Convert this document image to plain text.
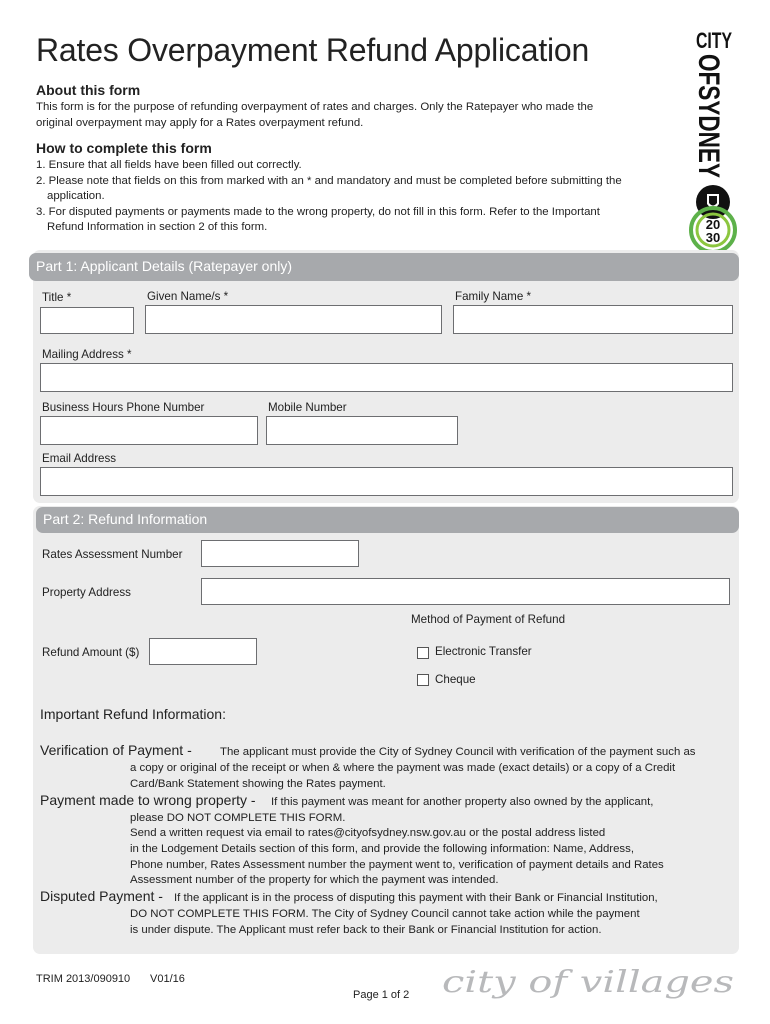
Rates Overpayment Refund Application
About this form
This form is for the purpose of refunding overpayment of rates and charges. Only the Ratepayer who made the
original overpayment may apply for a Rates overpayment refund.
How to complete this form
1. Ensure that all fields have been filled out correctly.
2. Please note that fields on this from marked with an * and mandatory and must be completed before submitting the
application.
3. For disputed payments or payments made to the wrong property, do not fill in this form. Refer to the Important
Refund Information in section 2 of this form.
CITY
OFSYDNEY
20
30
Part 1: Applicant Details (Ratepayer only)
Title *	Given Name/s *	Family Name *
Mailing Address *
Business Hours Phone Number	Mobile Number
Email Address
Part 2: Refund Information
Rates Assessment Number
Property Address
Method of Payment of Refund
Refund Amount ($)	Electronic Transfer
Cheque
Important Refund Information:
Verification of Payment - The applicant must provide the City of Sydney Council with verification of the payment such as
a copy or original of the receipt or when & where the payment was made (exact details) or a copy of a Credit
Card/Bank Statement showing the Rates payment.
Payment made to wrong property - If this payment was meant for another property also owned by the applicant,
please DO NOT COMPLETE THIS FORM.
Send a written request via email to rates@cityofsydney.nsw.gov.au or the postal address listed
in the Lodgement Details section of this form, and provide the following information: Name, Address,
Phone number, Rates Assessment number the payment went to, verification of payment details and Rates
Assessment number of the property for which the payment was intended.
Disputed Payment - If the applicant is in the process of disputing this payment with their Bank or Financial Institution,
DO NOT COMPLETE THIS FORM. The City of Sydney Council cannot take action while the payment
is under dispute. The Applicant must refer back to their Bank or Financial Institution for action.
TRIM 2013/090910 V01/16
Page 1 of 2 city of villages
